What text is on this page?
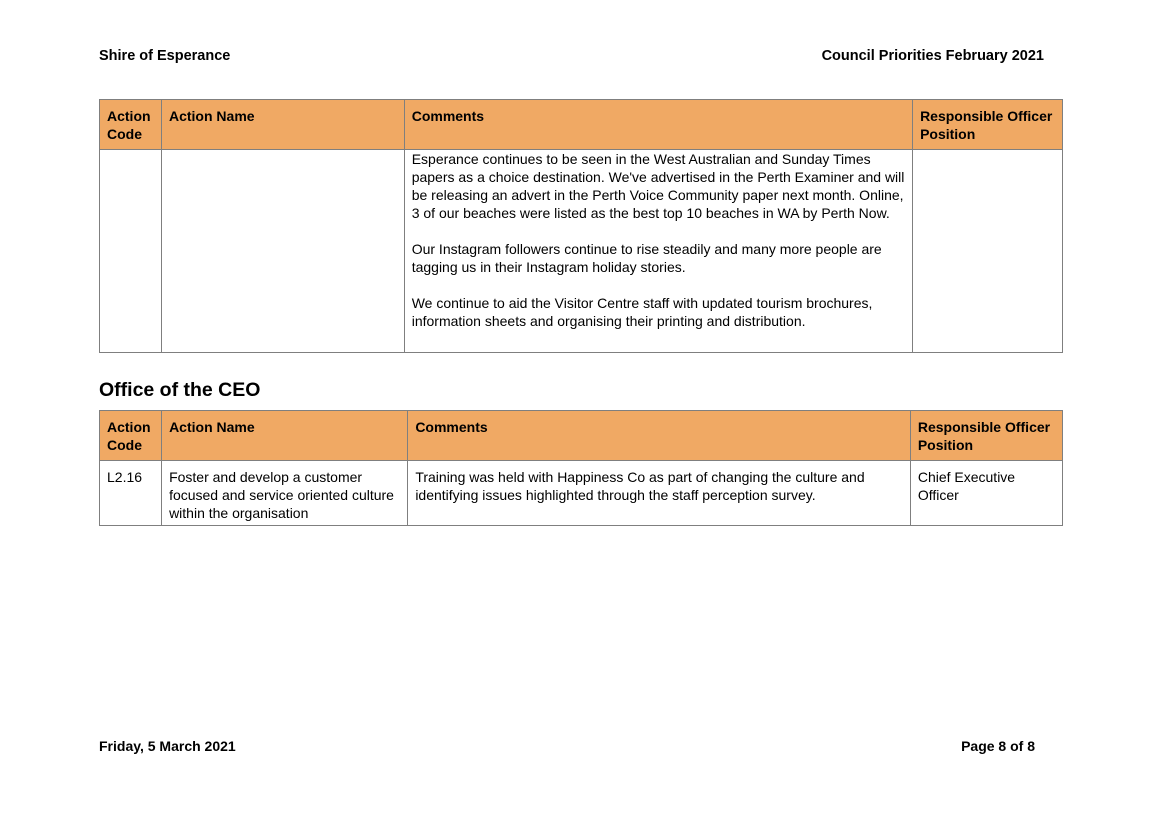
Shire of Esperance	Council Priorities February 2021
Action Code	Action Name	Comments	Responsible Officer Position

		Esperance continues to be seen in the West Australian and Sunday Times papers as a choice destination. We've advertised in the Perth Examiner and will be releasing an advert in the Perth Voice Community paper next month. Online, 3 of our beaches were listed as the best top 10 beaches in WA by Perth Now.

Our Instagram followers continue to rise steadily and many more people are tagging us in their Instagram holiday stories.

We continue to aid the Visitor Centre staff with updated tourism brochures, information sheets and organising their printing and distribution.	

Office of the CEO
Action Code	Action Name	Comments	Responsible Officer Position
L2.16	Foster and develop a customer focused and service oriented culture within the organisation	Training was held with Happiness Co as part of changing the culture and identifying issues highlighted through the staff perception survey.	Chief Executive Officer
Friday, 5 March 2021	Page 8 of 8
